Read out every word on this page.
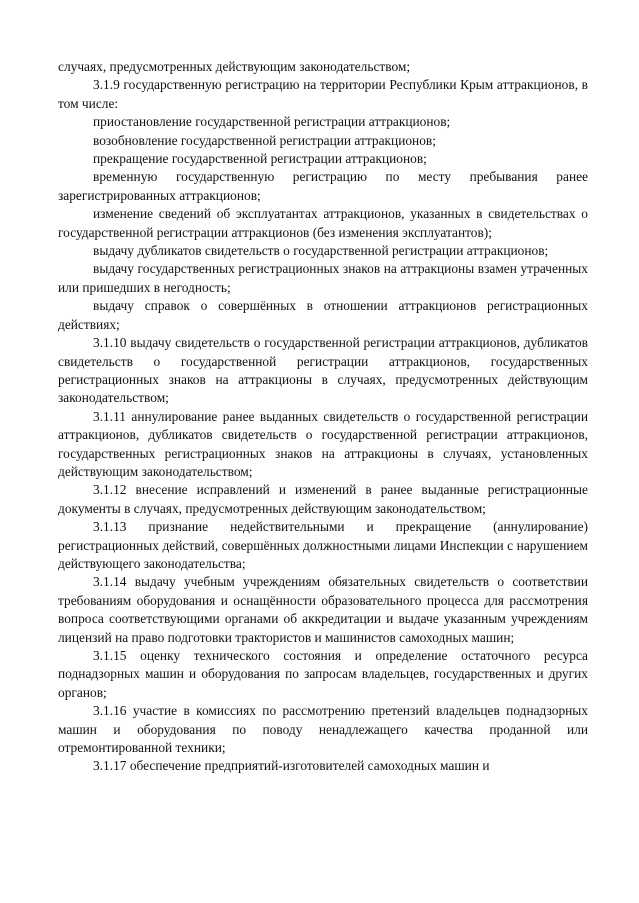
случаях, предусмотренных действующим законодательством;

3.1.9 государственную регистрацию на территории Республики Крым аттракционов, в том числе:

приостановление государственной регистрации аттракционов;

возобновление государственной регистрации аттракционов;

прекращение государственной регистрации аттракционов;

временную государственную регистрацию по месту пребывания ранее зарегистрированных аттракционов;

изменение сведений об эксплуатантах аттракционов, указанных в свидетельствах о государственной регистрации аттракционов (без изменения эксплуатантов);

выдачу дубликатов свидетельств о государственной регистрации аттракционов;

выдачу государственных регистрационных знаков на аттракционы взамен утраченных или пришедших в негодность;

выдачу справок о совершённых в отношении аттракционов регистрационных действиях;

3.1.10 выдачу свидетельств о государственной регистрации аттракционов, дубликатов свидетельств о государственной регистрации аттракционов, государственных регистрационных знаков на аттракционы в случаях, предусмотренных действующим законодательством;

3.1.11 аннулирование ранее выданных свидетельств о государственной регистрации аттракционов, дубликатов свидетельств о государственной регистрации аттракционов, государственных регистрационных знаков на аттракционы в случаях, установленных действующим законодательством;

3.1.12 внесение исправлений и изменений в ранее выданные регистрационные документы в случаях, предусмотренных действующим законодательством;

3.1.13 признание недействительными и прекращение (аннулирование) регистрационных действий, совершённых должностными лицами Инспекции с нарушением действующего законодательства;

3.1.14 выдачу учебным учреждениям обязательных свидетельств о соответствии требованиям оборудования и оснащённости образовательного процесса для рассмотрения вопроса соответствующими органами об аккредитации и выдаче указанным учреждениям лицензий на право подготовки трактористов и машинистов самоходных машин;

3.1.15 оценку технического состояния и определение остаточного ресурса поднадзорных машин и оборудования по запросам владельцев, государственных и других органов;

3.1.16 участие в комиссиях по рассмотрению претензий владельцев поднадзорных машин и оборудования по поводу ненадлежащего качества проданной или отремонтированной техники;

3.1.17 обеспечение предприятий-изготовителей самоходных машин и
